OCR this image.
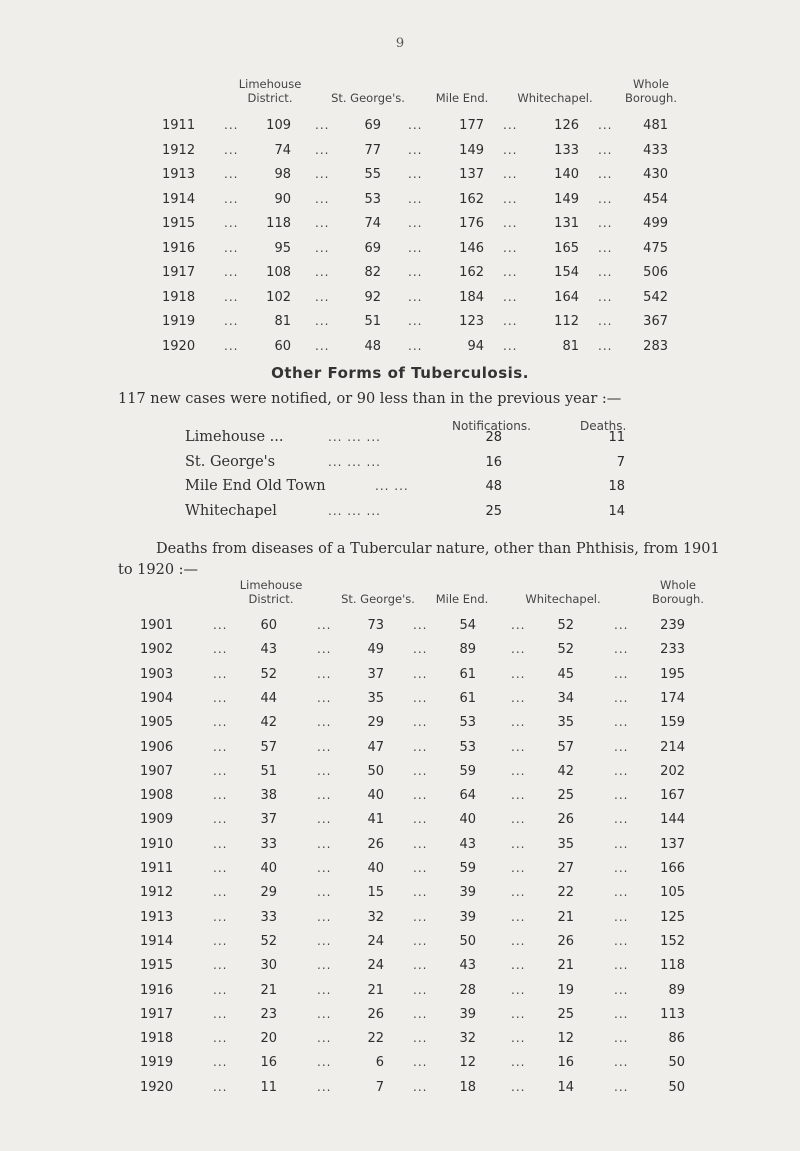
9
Limehouse
District.	St. George's.	Mile End.	Whitechapel.
Whole
Borough.
1911 ...	109 ...	69 ...	177 ...	126 ...	481
1912 ...	74 ...	77 ...	149 ...	133 ...	433
1913 ...	98 ...	55 ...	137 ...	140 ...	430
1914 ...	90 ...	53 ...	162 ...	149 ...	454
1915 ...	118 ...	74 ...	176 ...	131 ...	499
1916 ...	95 ...	69 ...	146 ...	165 ...	475
1917 ...	108 ...	82 ...	162 ...	154 ...	506
1918 ...	102 ...	92 ...	184 ...	164 ...	542
1919 ...	81 ...	51 ...	123 ...	112 ...	367
1920 ...	60 ...	48 ...	94 ...	81 ...	283
Other Forms of Tuberculosis.
117 new cases were notified, or 90 less than in the previous year :—
Notifications.	Deaths.
Limehouse ...	... ... ...	28	11
St. George's	... ... ...	16	7
Mile End Old Town	... ...	48	18
Whitechapel	... ... ...	25	14
Deaths from diseases of a Tubercular nature, other than Phthisis, from 1901
to 1920 :—
Limehouse
District.	St. George's.	Mile End.	Whitechapel.
Whole
Borough.
1901	...	60	...	73 ...	54	...	52	...	239
1902	...	43	...	49 ...	89	...	52	...	233
1903	...	52	...	37 ...	61	...	45	...	195
1904	...	44	...	35 ...	61	...	34	...	174
1905	...	42	...	29 ...	53	...	35	...	159
1906	...	57	...	47 ...	53	...	57	...	214
1907	...	51	...	50 ...	59	...	42	...	202
1908	...	38	...	40 ...	64	...	25	...	167
1909	...	37	...	41 ...	40	...	26	...	144
1910	...	33	...	26 ...	43	...	35	...	137
1911	...	40	...	40 ...	59	...	27	...	166
1912	...	29	...	15 ...	39	...	22	...	105
1913	...	33	...	32 ...	39	...	21	...	125
1914	...	52	...	24 ...	50	...	26	...	152
1915	...	30	...	24 ...	43	...	21	...	118
1916	...	21	...	21 ...	28	...	19	...	89
1917	...	23	...	26 ...	39	...	25	...	113
1918	...	20	...	22 ...	32	...	12	...	86
1919	...	16	...	6 ...	12	...	16	...	50
1920	...	11	...	7 ...	18	...	14	...	50
